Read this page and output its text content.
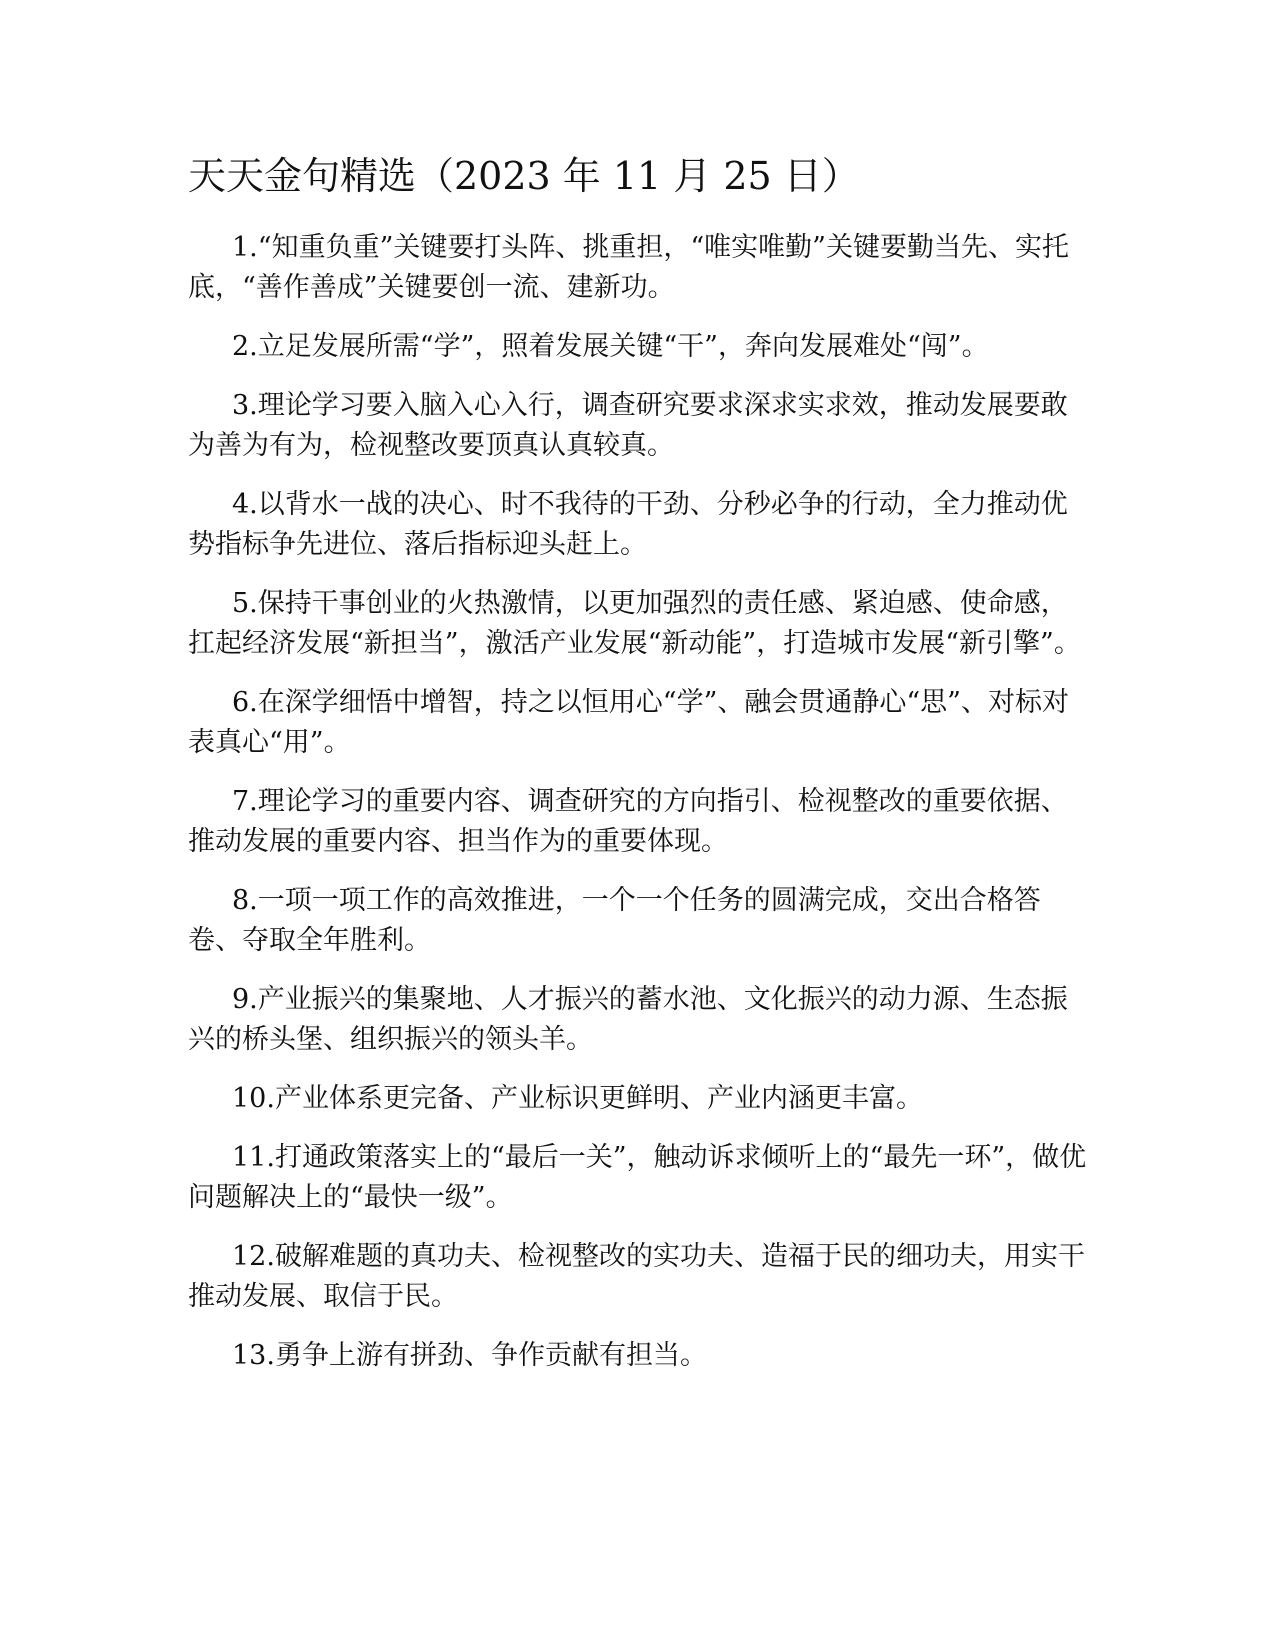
天天金句精选（2023 年 11 月 25 日）
1.“知重负重”关键要打头阵、挑重担，“唯实唯勤”关键要勤当先、实托底，“善作善成”关键要创一流、建新功。
2.立足发展所需“学”，照着发展关键“干”，奔向发展难处“闯”。
3.理论学习要入脑入心入行，调查研究要求深求实求效，推动发展要敢为善为有为，检视整改要顶真认真较真。
4.以背水一战的决心、时不我待的干劲、分秒必争的行动，全力推动优势指标争先进位、落后指标迎头赶上。
5.保持干事创业的火热激情，以更加强烈的责任感、紧迫感、使命感，扛起经济发展“新担当”，激活产业发展“新动能”，打造城市发展“新引擎”。
6.在深学细悟中增智，持之以恒用心“学”、融会贯通静心“思”、对标对表真心“用”。
7.理论学习的重要内容、调查研究的方向指引、检视整改的重要依据、推动发展的重要内容、担当作为的重要体现。
8.一项一项工作的高效推进，一个一个任务的圆满完成，交出合格答卷、夺取全年胜利。
9.产业振兴的集聚地、人才振兴的蓄水池、文化振兴的动力源、生态振兴的桥头堡、组织振兴的领头羊。
10.产业体系更完备、产业标识更鲜明、产业内涵更丰富。
11.打通政策落实上的“最后一关”，触动诉求倾听上的“最先一环”，做优问题解决上的“最快一级”。
12.破解难题的真功夫、检视整改的实功夫、造福于民的细功夫，用实干推动发展、取信于民。
13.勇争上游有拼劲、争作贡献有担当。
